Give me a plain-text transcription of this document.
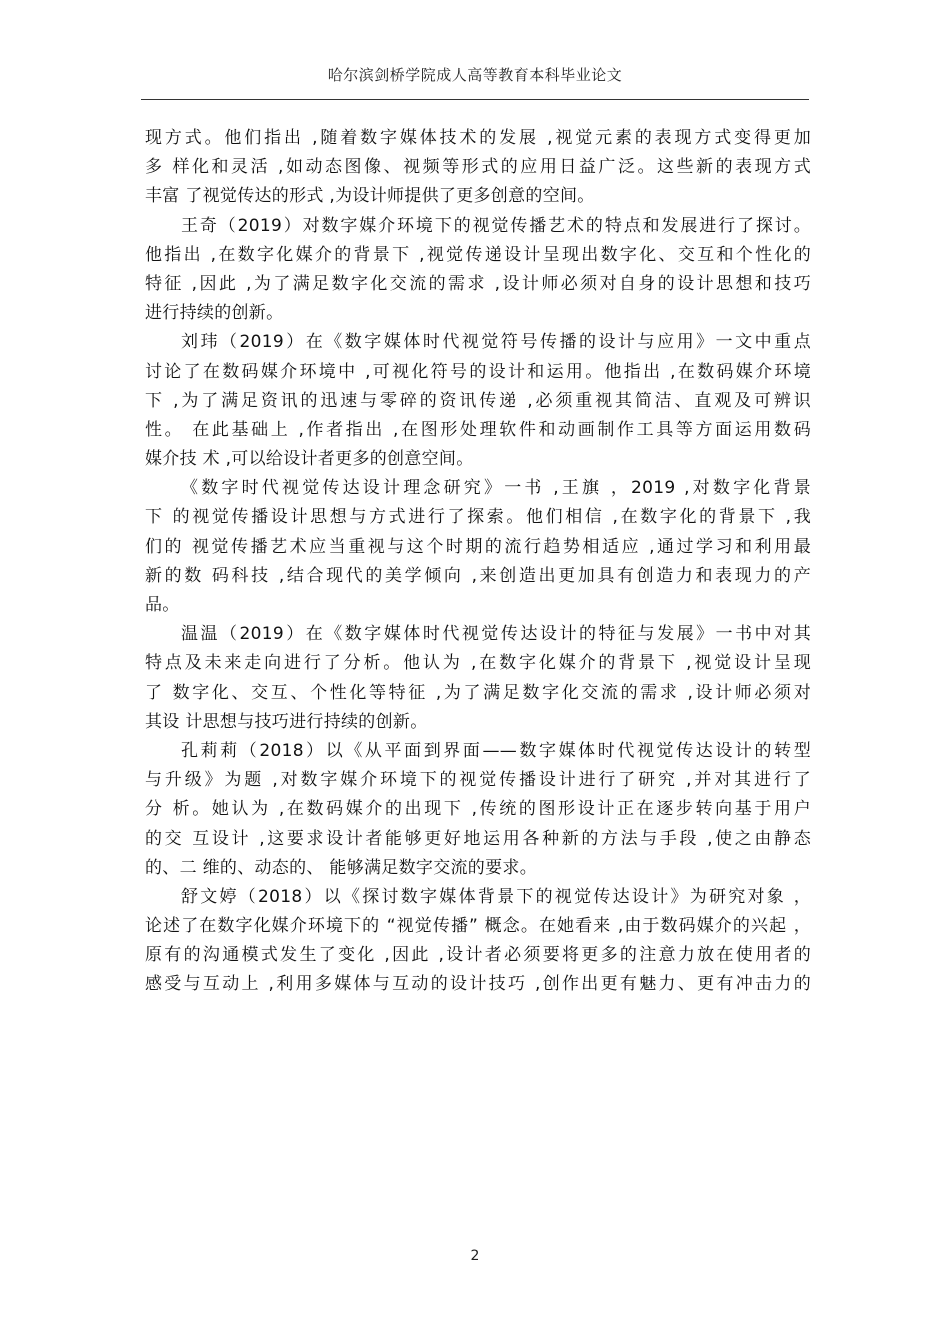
哈尔滨剑桥学院成人高等教育本科毕业论文
现方式。他们指出 ,随着数字媒体技术的发展 ,视觉元素的表现方式变得更加
多 样化和灵活 ,如动态图像、视频等形式的应用日益广泛。这些新的表现方式
丰富 了视觉传达的形式 ,为设计师提供了更多创意的空间。
王奇（2019）对数字媒介环境下的视觉传播艺术的特点和发展进行了探讨。
他指出 ,在数字化媒介的背景下 ,视觉传递设计呈现出数字化、交互和个性化的
特征 ,因此 ,为了满足数字化交流的需求 ,设计师必须对自身的设计思想和技巧
进行持续的创新。
刘玮（2019）在《数字媒体时代视觉符号传播的设计与应用》一文中重点
讨论了在数码媒介环境中 ,可视化符号的设计和运用。他指出 ,在数码媒介环境
下 ,为了满足资讯的迅速与零碎的资讯传递 ,必须重视其简洁、直观及可辨识
性。 在此基础上 ,作者指出 ,在图形处理软件和动画制作工具等方面运用数码
媒介技 术 ,可以给设计者更多的创意空间。
《数字时代视觉传达设计理念研究》一书 ,王旗 ，2019 ,对数字化背景
下 的视觉传播设计思想与方式进行了探索。他们相信 ,在数字化的背景下 ,我
们的 视觉传播艺术应当重视与这个时期的流行趋势相适应 ,通过学习和利用最
新的数 码科技 ,结合现代的美学倾向 ,来创造出更加具有创造力和表现力的产
品。
温温（2019）在《数字媒体时代视觉传达设计的特征与发展》一书中对其
特点及未来走向进行了分析。他认为 ,在数字化媒介的背景下 ,视觉设计呈现
了 数字化、交互、个性化等特征 ,为了满足数字化交流的需求 ,设计师必须对
其设 计思想与技巧进行持续的创新。
孔莉莉（2018）以《从平面到界面——数字媒体时代视觉传达设计的转型
与升级》为题 ,对数字媒介环境下的视觉传播设计进行了研究 ,并对其进行了
分 析。她认为 ,在数码媒介的出现下 ,传统的图形设计正在逐步转向基于用户
的交 互设计 ,这要求设计者能够更好地运用各种新的方法与手段 ,使之由静态
的、二 维的、动态的、 能够满足数字交流的要求。
舒文婷（2018）以《探讨数字媒体背景下的视觉传达设计》为研究对象 ，
论述了在数字化媒介环境下的 “视觉传播” 概念。在她看来 ,由于数码媒介的兴起 ，
原有的沟通模式发生了变化 ,因此 ,设计者必须要将更多的注意力放在使用者的
感受与互动上 ,利用多媒体与互动的设计技巧 ,创作出更有魅力、更有冲击力的
2
